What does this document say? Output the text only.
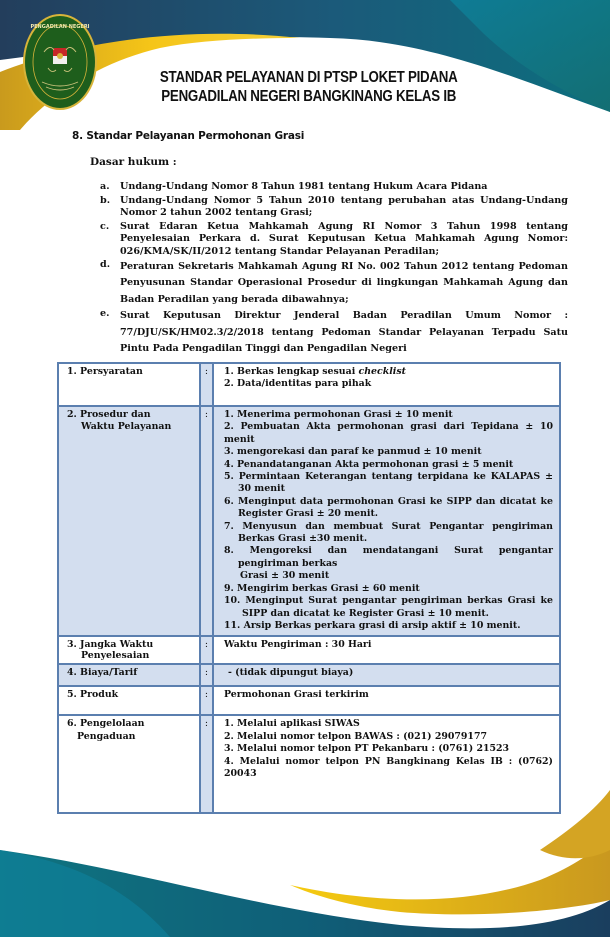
PENGADILAN NEGERI
STANDAR PELAYANAN DI PTSP LOKET PIDANA
PENGADILAN NEGERI BANGKINANG KELAS IB
8. Standar Pelayanan Permohonan Grasi
Dasar hukum :
a.	Undang-Undang Nomor 8 Tahun 1981 tentang Hukum Acara Pidana
b.	Undang-Undang Nomor 5 Tahun 2010 tentang perubahan atas Undang-Undang Nomor 2 tahun 2002 tentang Grasi;
c.	Surat Edaran Ketua Mahkamah Agung RI Nomor 3 Tahun 1998 tentang Penyelesaian Perkara d. Surat Keputusan Ketua Mahkamah Agung Nomor: 026/KMA/SK/II/2012 tentang Standar Pelayanan Peradilan;
d.	Peraturan Sekretaris Mahkamah Agung RI No. 002 Tahun 2012 tentang Pedoman Penyusunan Standar Operasional Prosedur di lingkungan Mahkamah Agung dan Badan Peradilan yang berada dibawahnya;
e.	Surat Keputusan Direktur Jenderal Badan Peradilan Umum Nomor : 77/DJU/SK/HM02.3/2/2018 tentang Pedoman Standar Pelayanan Terpadu Satu Pintu Pada Pengadilan Tinggi dan Pengadilan Negeri
1. Persyaratan	:	1. Berkas lengkap sesuai checklist
2. Data/identitas para pihak

2. Prosedur dan
Waktu Pelayanan
	:	1. Menerima permohonan Grasi ± 10 menit
2. Pembuatan Akta permohonan grasi dari Tepidana ± 10 menit
3. mengorekasi dan paraf ke panmud ± 10 menit
4. Penandatanganan Akta permohonan grasi ± 5 menit
5. Permintaan Keterangan tentang terpidana ke KALAPAS ± 30 menit
6. Menginput data permohonan Grasi ke SIPP dan dicatat ke Register Grasi ± 20 menit.
7. Menyusun dan membuat Surat Pengantar pengiriman Berkas Grasi ±30 menit.
8. Mengoreksi dan mendatangani Surat pengantar pengiriman berkas
Grasi ± 30 menit
9. Mengirim berkas Grasi ± 60 menit
10. Menginput Surat pengantar pengiriman berkas Grasi ke SIPP dan dicatat ke Register Grasi ± 10 menit.
11. Arsip Berkas perkara grasi di arsip aktif ± 10 menit.

3. Jangka Waktu
Penyelesaian	:	Waktu Pengiriman : 30 Hari

4. Biaya/Tarif	:	- (tidak dipungut biaya)

5. Produk	:	Permohonan Grasi terkirim

6. Pengelolaan
Pengaduan	:	1. Melalui aplikasi SIWAS
2. Melalui nomor telpon BAWAS : (021) 29079177
3. Melalui nomor telpon PT Pekanbaru : (0761) 21523
4. Melalui nomor telpon PN Bangkinang Kelas IB : (0762) 20043
